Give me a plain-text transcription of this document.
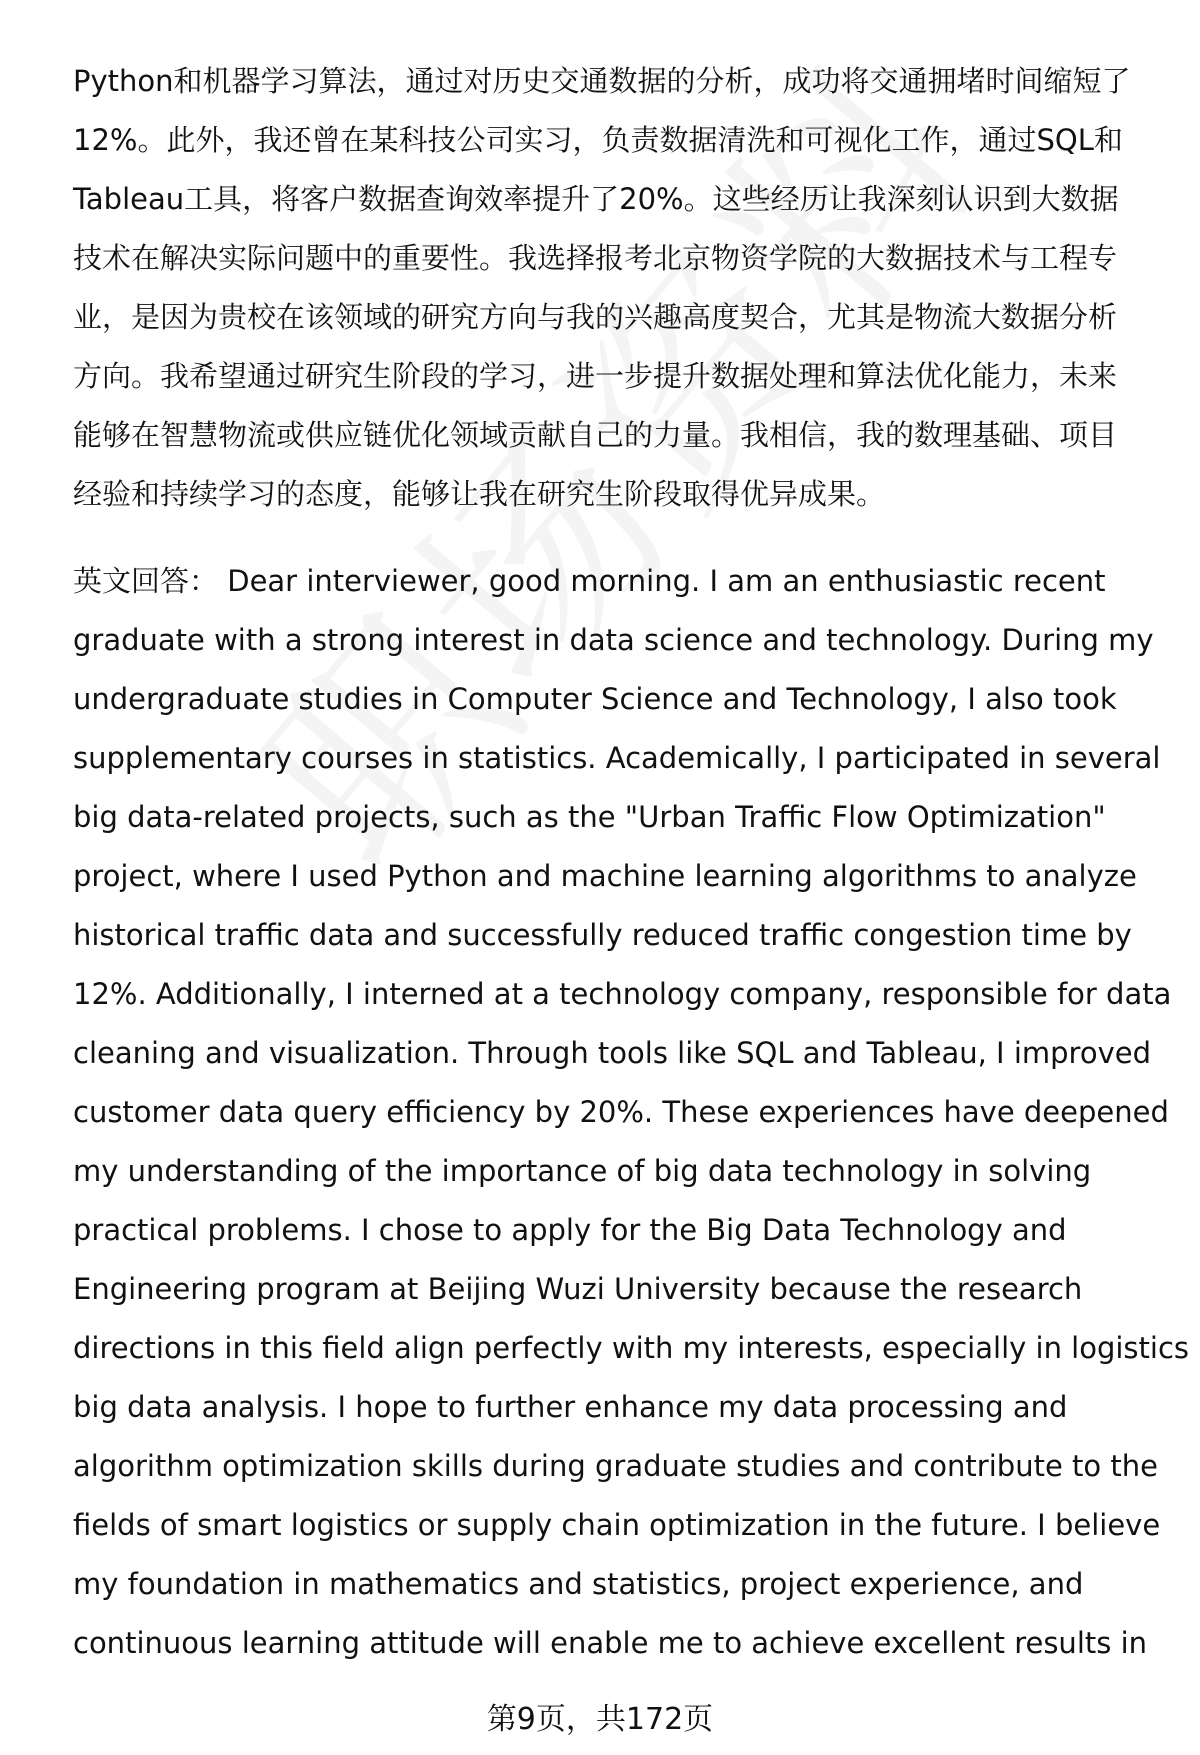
Python和机器学习算法，通过对历史交通数据的分析，成功将交通拥堵时间缩短了
12%。此外，我还曾在某科技公司实习，负责数据清洗和可视化工作，通过SQL和
Tableau工具，将客户数据查询效率提升了20%。这些经历让我深刻认识到大数据
技术在解决实际问题中的重要性。我选择报考北京物资学院的大数据技术与工程专
业，是因为贵校在该领域的研究方向与我的兴趣高度契合，尤其是物流大数据分析
方向。我希望通过研究生阶段的学习，进一步提升数据处理和算法优化能力，未来
能够在智慧物流或供应链优化领域贡献自己的力量。我相信，我的数理基础、项目
经验和持续学习的态度，能够让我在研究生阶段取得优异成果。
英文回答： Dear interviewer, good morning. I am an enthusiastic recent
graduate with a strong interest in data science and technology. During my
undergraduate studies in Computer Science and Technology, I also took
supplementary courses in statistics. Academically, I participated in several
big data-related projects, such as the "Urban Traffic Flow Optimization"
project, where I used Python and machine learning algorithms to analyze
historical traffic data and successfully reduced traffic congestion time by
12%. Additionally, I interned at a technology company, responsible for data
cleaning and visualization. Through tools like SQL and Tableau, I improved
customer data query efficiency by 20%. These experiences have deepened
my understanding of the importance of big data technology in solving
practical problems. I chose to apply for the Big Data Technology and
Engineering program at Beijing Wuzi University because the research
directions in this field align perfectly with my interests, especially in logistics
big data analysis. I hope to further enhance my data processing and
algorithm optimization skills during graduate studies and contribute to the
fields of smart logistics or supply chain optimization in the future. I believe
my foundation in mathematics and statistics, project experience, and
continuous learning attitude will enable me to achieve excellent results in
第9页，共172页
